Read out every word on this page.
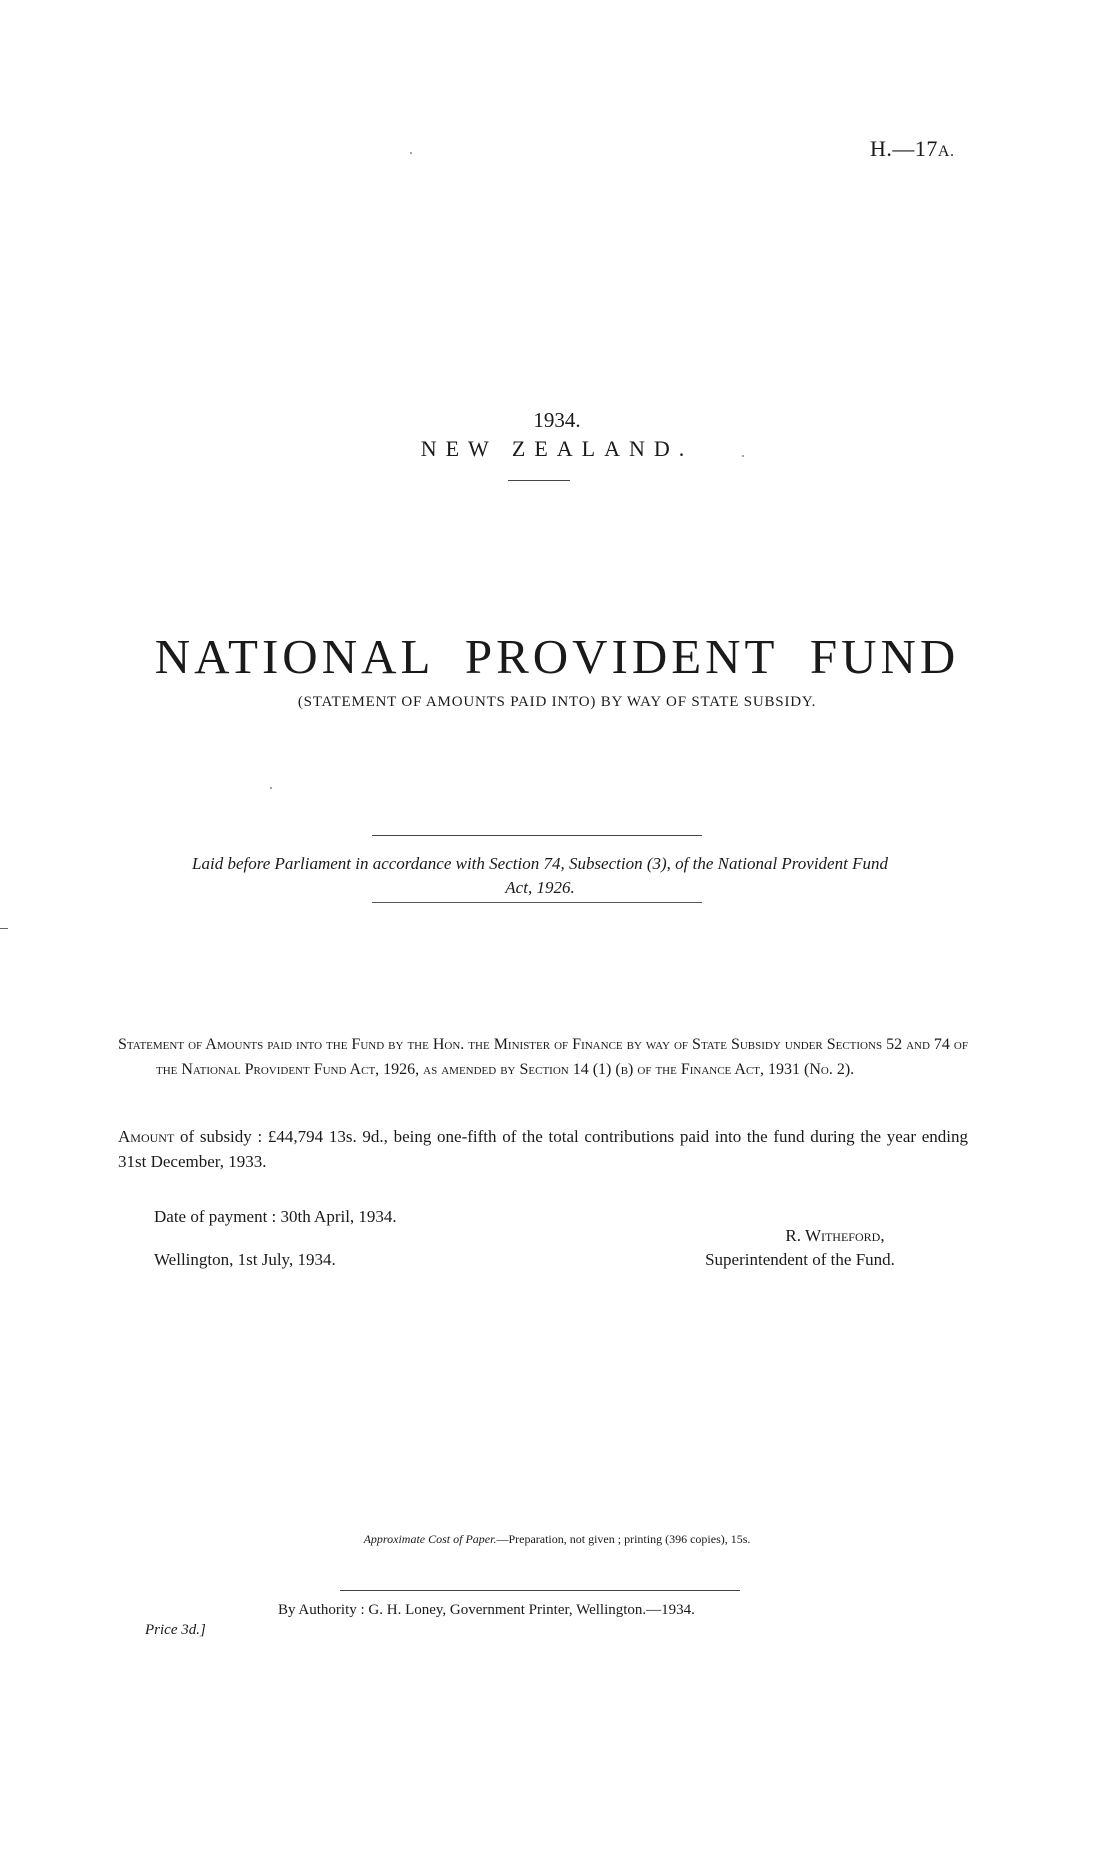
H.—17A.
1934.
NEW ZEALAND.
NATIONAL PROVIDENT FUND
(STATEMENT OF AMOUNTS PAID INTO) BY WAY OF STATE SUBSIDY.
Laid before Parliament in accordance with Section 74, Subsection (3), of the National Provident Fund
Act, 1926.

Statement of Amounts paid into the Fund by the Hon. the Minister of Finance by way of State Subsidy under Sections 52 and 74 of the National Provident Fund Act, 1926, as amended by Section 14 (1) (b) of the Finance Act, 1931 (No. 2).

Amount of subsidy : £44,794 13s. 9d., being one-fifth of the total contributions paid into the fund during the year ending 31st December, 1933.
Date of payment : 30th April, 1934.
Wellington, 1st July, 1934.
R. Witheford,
Superintendent of the Fund.
Approximate Cost of Paper.—Preparation, not given ; printing (396 copies), 15s.
By Authority : G. H. Loney, Government Printer, Wellington.—1934.
Price 3d.]
